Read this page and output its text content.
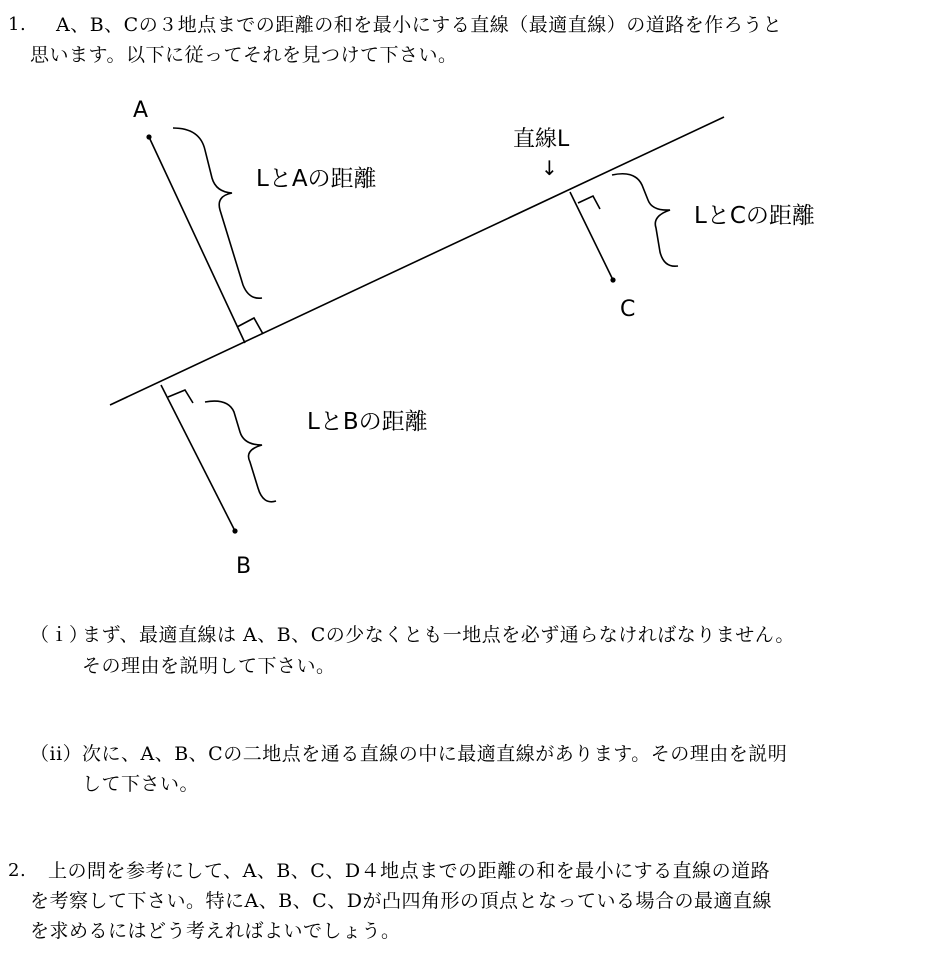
1. A、B、Cの３地点までの距離の和を最小にする直線（最適直線）の道路を作ろうと
思います。以下に従ってそれを見つけて下さい。
A
B
C
直線L
↓
LとAの距離
LとBの距離
LとCの距離
（ｉ）
まず、最適直線は A、B、Cの少なくとも一地点を必ず通らなければなりません。
その理由を説明して下さい。
（ii） 次に、A、B、Cの二地点を通る直線の中に最適直線があります。その理由を説明
して下さい。
2. 上の問を参考にして、A、B、C、D４地点までの距離の和を最小にする直線の道路
を考察して下さい。特にA、B、C、Dが凸四角形の頂点となっている場合の最適直線
を求めるにはどう考えればよいでしょう。
